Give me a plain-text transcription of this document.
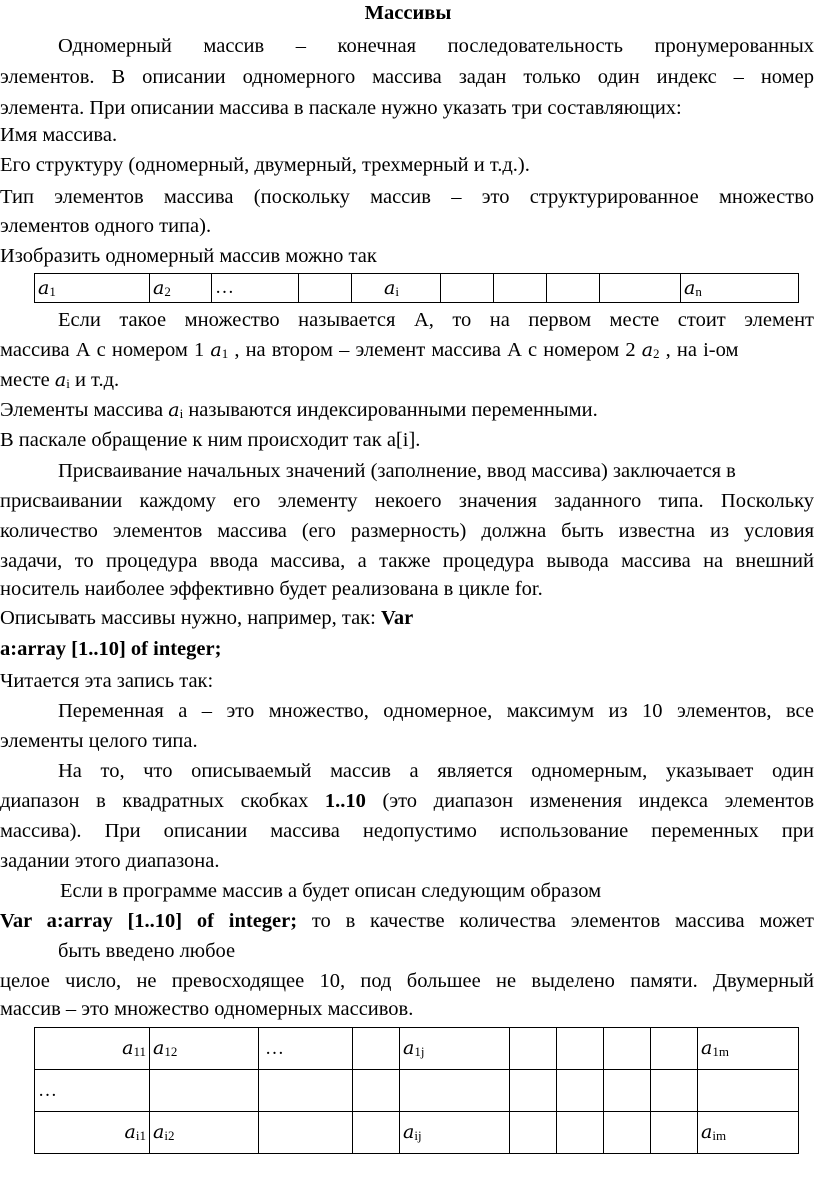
Массивы
Одномерный массив – конечная последовательность пронумерованных
элементов. В описании одномерного массива задан только один индекс – номер
элемента. При описании массива в паскале нужно указать три составляющих:
Имя массива.
Его структуру (одномерный, двумерный, трехмерный и т.д.).
Тип элементов массива (поскольку массив – это структурированное множество
элементов одного типа).
Изобразить одномерный массив можно так
a1	a2	…		ai					an
Если такое множество называется А, то на первом месте стоит элемент
массива А с номером 1 a1 , на втором – элемент массива А с номером 2 a2 , на i-ом
месте ai и т.д.
Элементы массива ai называются индексированными переменными.
В паскале обращение к ним происходит так a[i].
Присваивание начальных значений (заполнение, ввод массива) заключается в
присваивании каждому его элементу некоего значения заданного типа. Поскольку
количество элементов массива (его размерность) должна быть известна из условия
задачи, то процедура ввода массива, а также процедура вывода массива на внешний
носитель наиболее эффективно будет реализована в цикле for.
Описывать массивы нужно, например, так: Var
a:array [1..10] of integer;
Читается эта запись так:
Переменная а – это множество, одномерное, максимум из 10 элементов, все
элементы целого типа.
На то, что описываемый массив а является одномерным, указывает один
диапазон в квадратных скобках 1..10 (это диапазон изменения индекса элементов
массива). При описании массива недопустимо использование переменных при
задании этого диапазона.
Если в программе массив а будет описан следующим образом
Var a:array [1..10] of integer; то в качестве количества элементов массива может
быть введено любое
целое число, не превосходящее 10, под большее не выделено памяти. Двумерный
массив – это множество одномерных массивов.
a11	a12	…		a1j					a1m
…									
ai1	ai2			aij					aim
